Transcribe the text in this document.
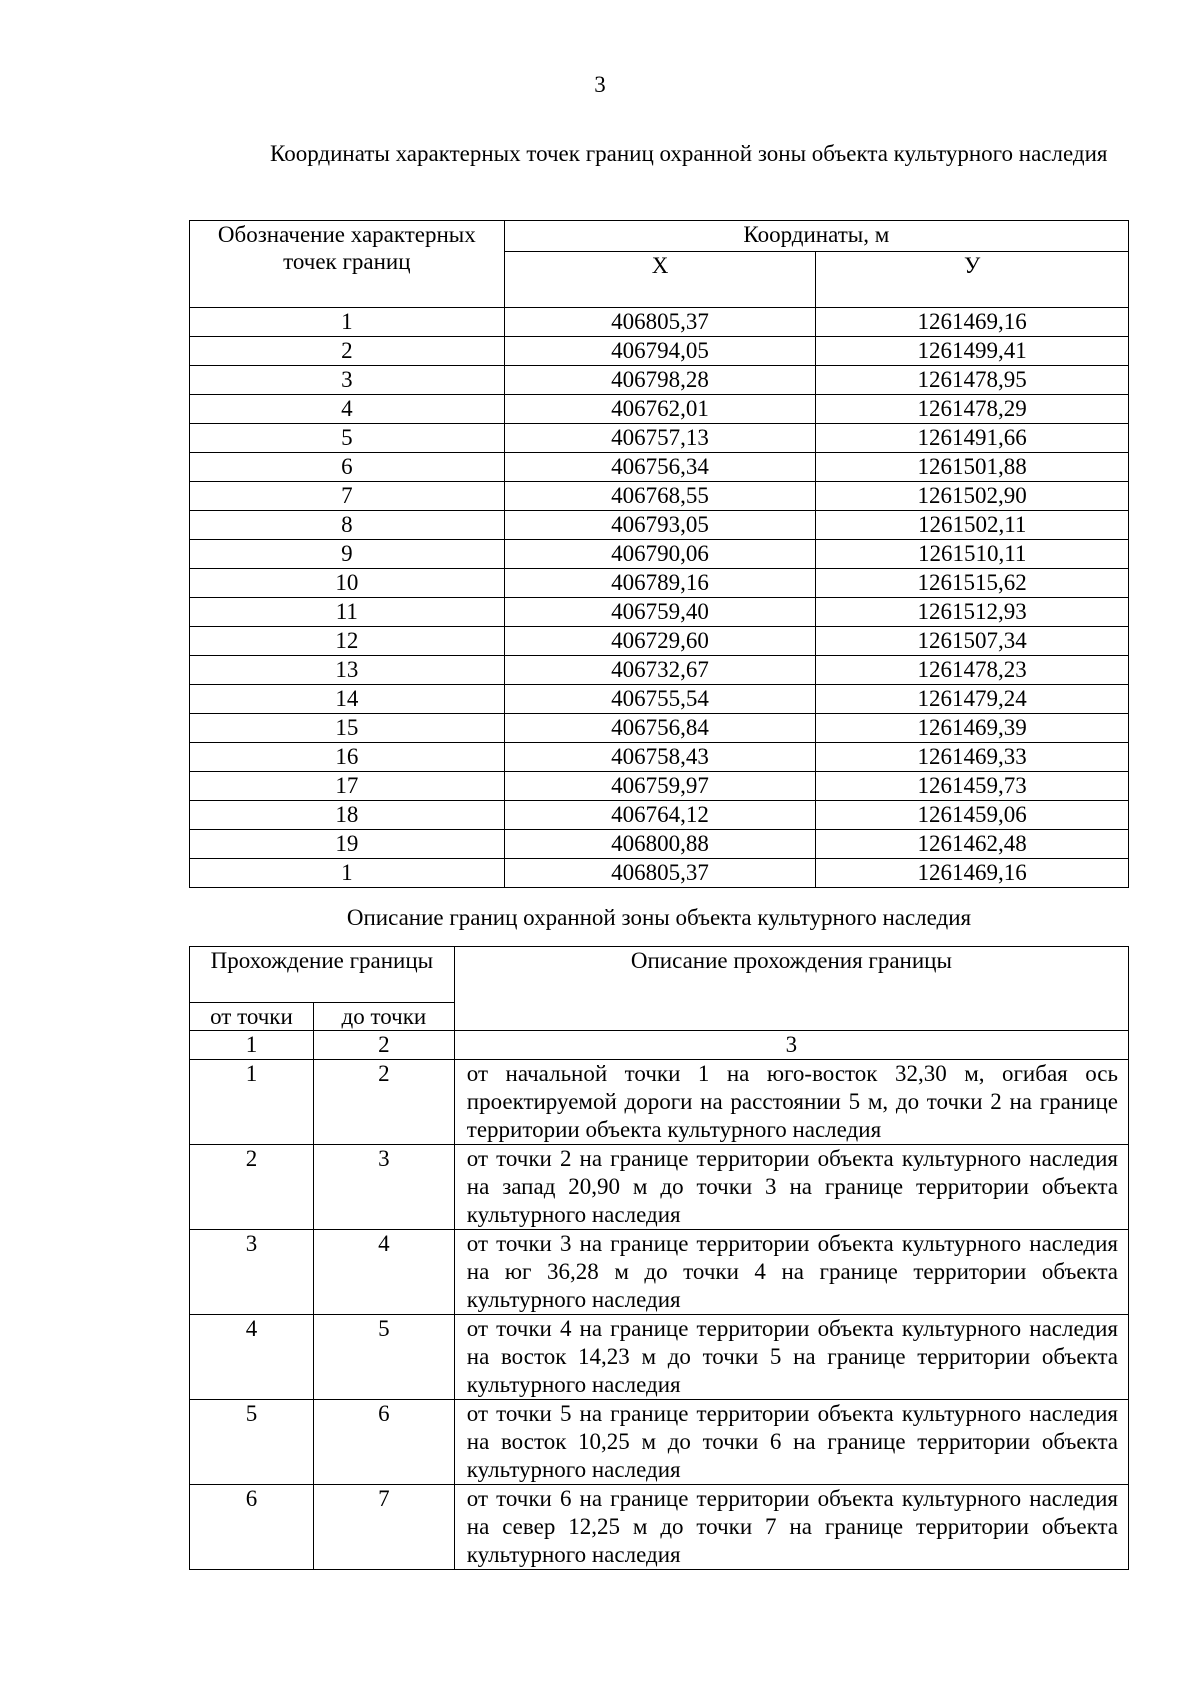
3
Координаты характерных точек границ охранной зоны объекта культурного наследия
Обозначение характерных точек границ	Координаты, м	
	X	У
1	406805,37	1261469,16
2	406794,05	1261499,41
3	406798,28	1261478,95
4	406762,01	1261478,29
5	406757,13	1261491,66
6	406756,34	1261501,88
7	406768,55	1261502,90
8	406793,05	1261502,11
9	406790,06	1261510,11
10	406789,16	1261515,62
11	406759,40	1261512,93
12	406729,60	1261507,34
13	406732,67	1261478,23
14	406755,54	1261479,24
15	406756,84	1261469,39
16	406758,43	1261469,33
17	406759,97	1261459,73
18	406764,12	1261459,06
19	406800,88	1261462,48
1	406805,37	1261469,16
Описание границ охранной зоны объекта культурного наследия
Прохождение границы		Описание прохождения границы
от точки	до точки	
1	2	3
1	2	от начальной точки 1 на юго-восток 32,30 м, огибая ось проектируемой дороги на расстоянии 5 м, до точки 2 на границе территории объекта культурного наследия
2	3	от точки 2 на границе территории объекта культурного наследия на запад 20,90 м до точки 3 на границе территории объекта культурного наследия
3	4	от точки 3 на границе территории объекта культурного наследия на юг 36,28 м до точки 4 на границе территории объекта культурного наследия
4	5	от точки 4 на границе территории объекта культурного наследия на восток 14,23 м до точки 5 на границе территории объекта культурного наследия
5	6	от точки 5 на границе территории объекта культурного наследия на восток 10,25 м до точки 6 на границе территории объекта культурного наследия
6	7	от точки 6 на границе территории объекта культурного наследия на север 12,25 м до точки 7 на границе территории объекта культурного наследия
